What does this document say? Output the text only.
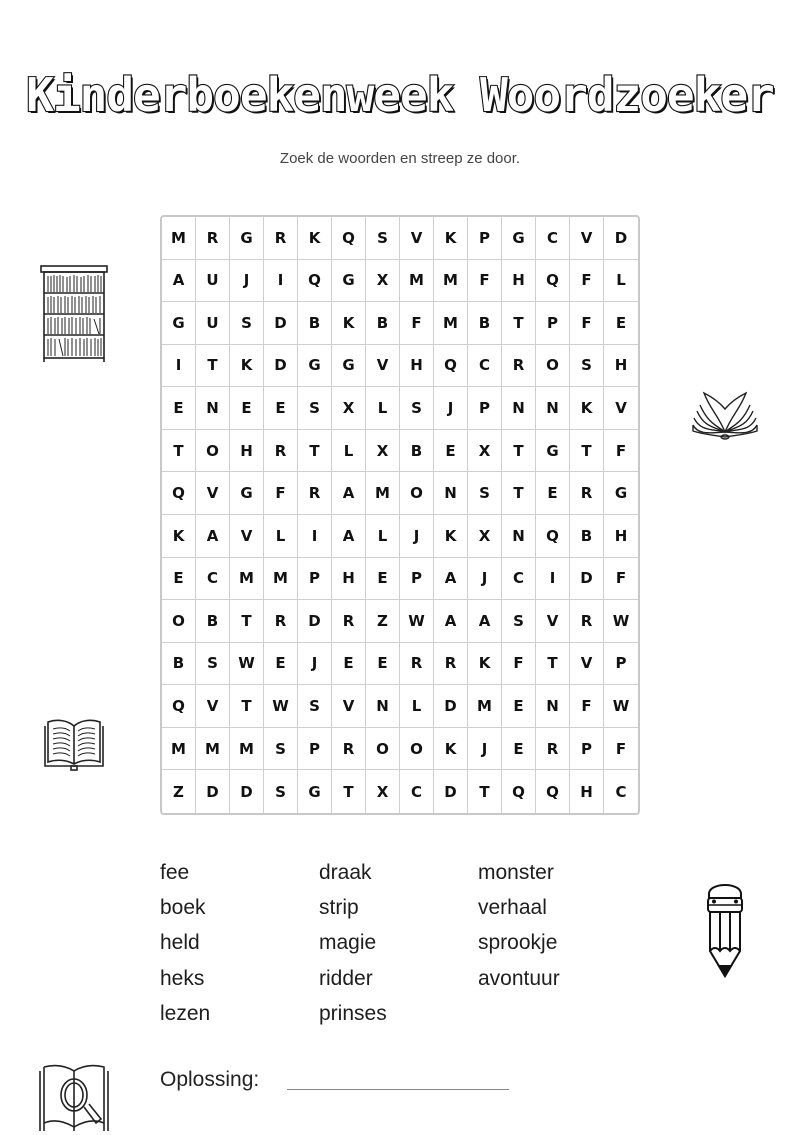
Kinderboekenweek Woordzoeker
Zoek de woorden en streep ze door.
M	R	G	R	K	Q	S	V	K	P	G	C	V	D
A	U	J	I	Q	G	X	M	M	F	H	Q	F	L
G	U	S	D	B	K	B	F	M	B	T	P	F	E
I	T	K	D	G	G	V	H	Q	C	R	O	S	H
E	N	E	E	S	X	L	S	J	P	N	N	K	V
T	O	H	R	T	L	X	B	E	X	T	G	T	F
Q	V	G	F	R	A	M	O	N	S	T	E	R	G
K	A	V	L	I	A	L	J	K	X	N	Q	B	H
E	C	M	M	P	H	E	P	A	J	C	I	D	F
O	B	T	R	D	R	Z	W	A	A	S	V	R	W
B	S	W	E	J	E	E	R	R	K	F	T	V	P
Q	V	T	W	S	V	N	L	D	M	E	N	F	W
M	M	M	S	P	R	O	O	K	J	E	R	P	F
Z	D	D	S	G	T	X	C	D	T	Q	Q	H	C
fee
boek
held
heks
lezen
draak
strip
magie
ridder
prinses
monster
verhaal
sprookje
avontuur
Oplossing:
